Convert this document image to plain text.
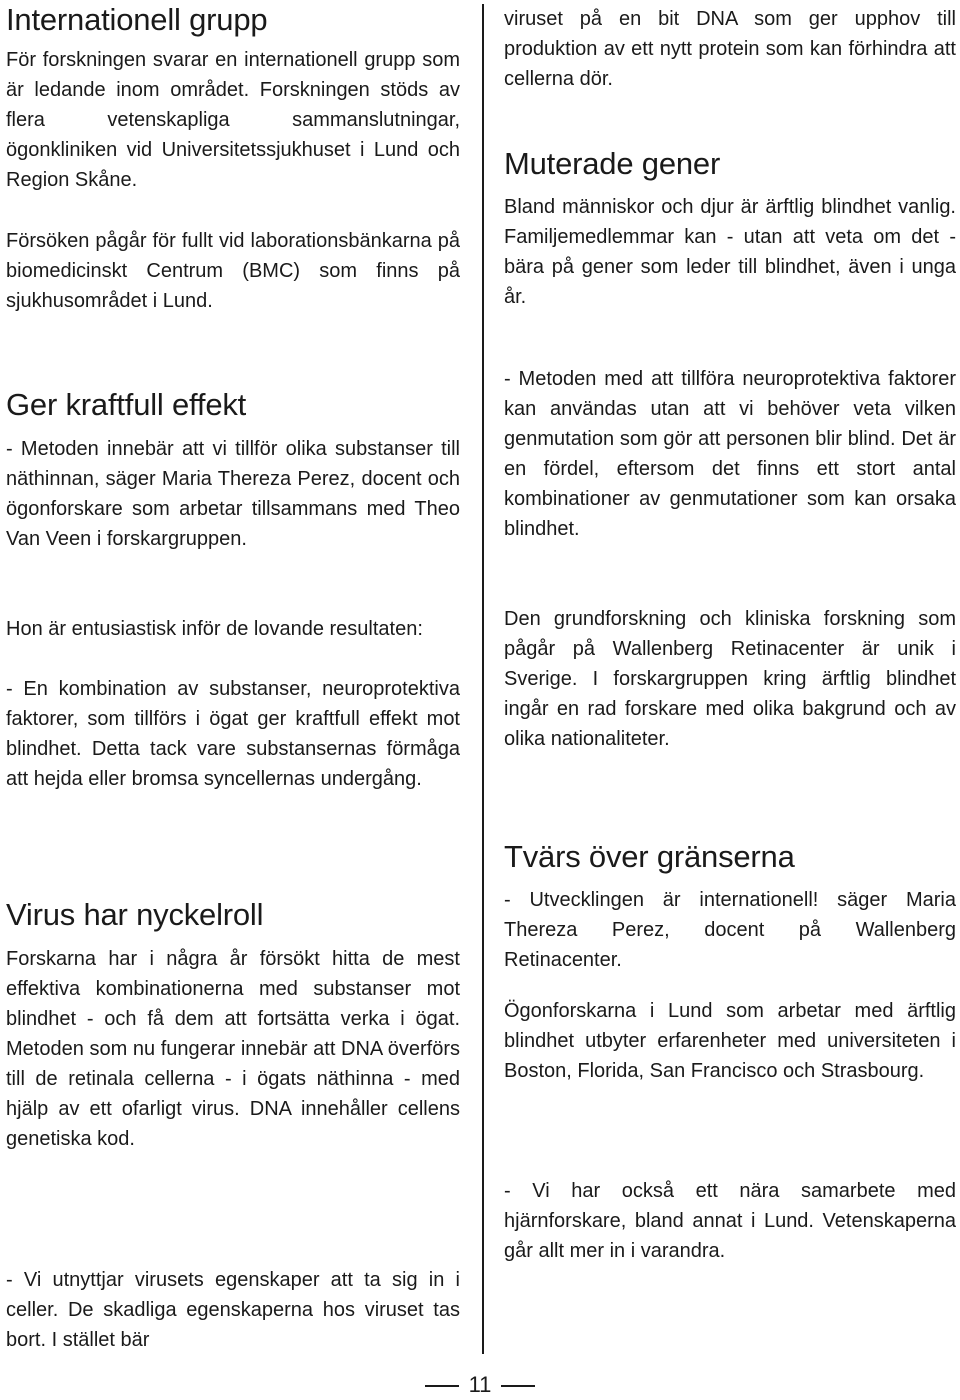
Internationell grupp

För forskningen svarar en internationell grupp som är ledande inom området. Forskningen stöds av flera vetenskapliga sammanslutningar, ögonkliniken vid Universitetssjukhuset i Lund och Region Skåne.

Försöken pågår för fullt vid laborationsbänkarna på biomedicinskt Centrum (BMC) som finns på sjukhusområdet i Lund.

Ger kraftfull effekt

- Metoden innebär att vi tillför olika substanser till näthinnan, säger Maria Thereza Perez, docent och ögonforskare som arbetar tillsammans med Theo Van Veen i forskargruppen.

Hon är entusiastisk inför de lovande resultaten:

- En kombination av substanser, neuroprotektiva faktorer, som tillförs i ögat ger kraftfull effekt mot blindhet. Detta tack vare substansernas förmåga att hejda eller bromsa syncellernas undergång.

Virus har nyckelroll

Forskarna har i några år försökt hitta de mest effektiva kombinationerna med substanser mot blindhet - och få dem att fortsätta verka i ögat. Metoden som nu fungerar innebär att DNA överförs till de retinala cellerna - i ögats näthinna - med hjälp av ett ofarligt virus. DNA innehåller cellens genetiska kod.

- Vi utnyttjar virusets egenskaper att ta sig in i celler. De skadliga egenskaperna hos viruset tas bort. I stället bär

viruset på en bit DNA som ger upphov till produktion av ett nytt protein som kan förhindra att cellerna dör.

Muterade gener

Bland människor och djur är ärftlig blindhet vanlig. Familjemedlemmar kan - utan att veta om det - bära på gener som leder till blindhet, även i unga år.

- Metoden med att tillföra neuroprotektiva faktorer kan användas utan att vi behöver veta vilken genmutation som gör att personen blir blind. Det är en fördel, eftersom det finns ett stort antal kombinationer av genmutationer som kan orsaka blindhet.

Den grundforskning och kliniska forskning som pågår på Wallenberg Retinacenter är unik i Sverige. I forskargruppen kring ärftlig blindhet ingår en rad forskare med olika bakgrund och av olika nationaliteter.

Tvärs över gränserna

- Utvecklingen är internationell! säger Maria Thereza Perez, docent på Wallenberg Retinacenter.

Ögonforskarna i Lund som arbetar med ärftlig blindhet utbyter erfarenheter med universiteten i Boston, Florida, San Francisco och Strasbourg.

- Vi har också ett nära samarbete med hjärnforskare, bland annat i Lund. Vetenskaperna går allt mer in i varandra.

11
